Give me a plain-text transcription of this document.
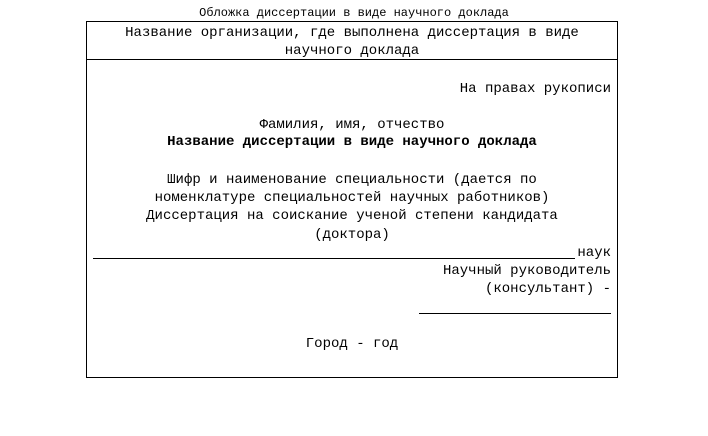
Обложка диссертации в виде научного доклада
Название организации, где выполнена диссертация в виде
научного доклада
На правах рукописи
Фамилия, имя, отчество
Название диссертации в виде научного доклада
Шифр и наименование специальности (дается по
номенклатуре специальностей научных работников)
Диссертация на соискание ученой степени кандидата
(доктора)
наук
Научный руководитель
(консультант) -
Город - год
